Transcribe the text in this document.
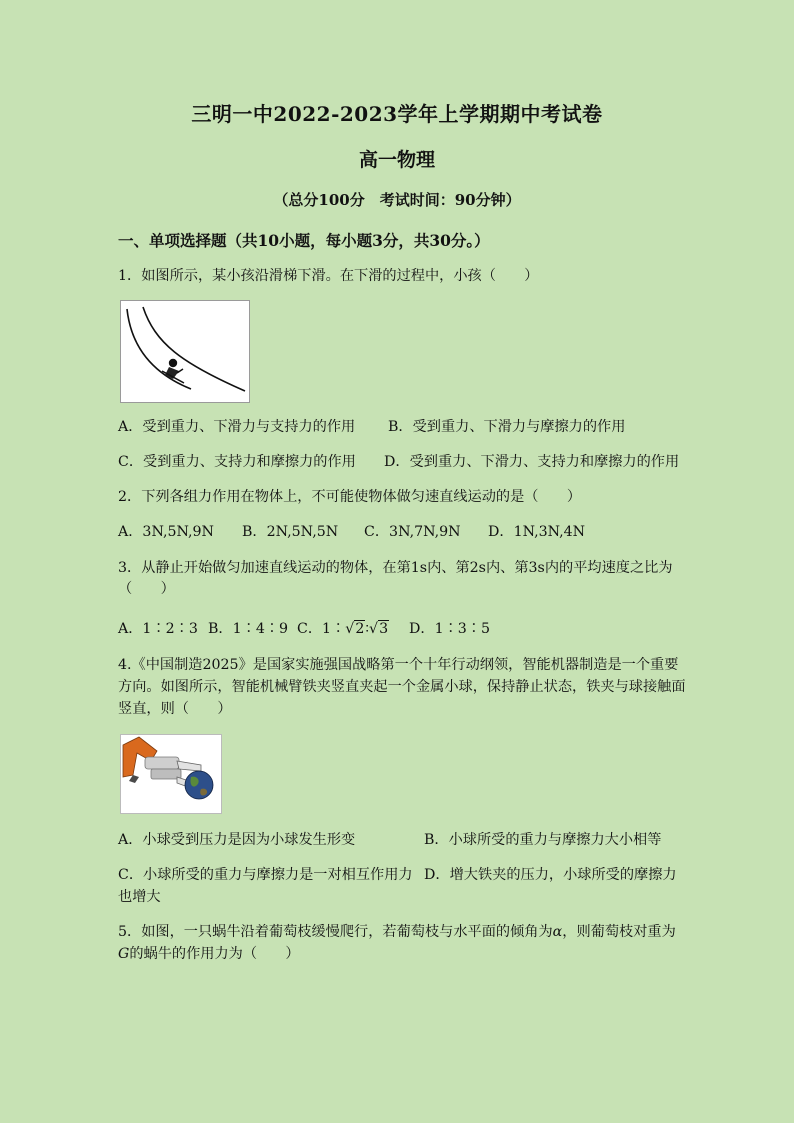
三明一中2022-2023学年上学期期中考试卷
高一物理
（总分100分　考试时间：90分钟）
一、单项选择题（共10小题，每小题3分，共30分。）
1．如图所示，某小孩沿滑梯下滑。在下滑的过程中，小孩（　　）
A．受到重力、下滑力与支持力的作用 B．受到重力、下滑力与摩擦力的作用
C．受到重力、支持力和摩擦力的作用 D．受到重力、下滑力、支持力和摩擦力的作用
2．下列各组力作用在物体上，不可能使物体做匀速直线运动的是（　　）
A．3N,5N,9N B．2N,5N,5N C．3N,7N,9N D．1N,3N,4N
3．从静止开始做匀加速直线运动的物体，在第1s内、第2s内、第3s内的平均速度之比为
（　　）
A．1∶2∶3 B．1∶4∶9 C．1∶√2∶√3 D．1∶3∶5
4.《中国制造2025》是国家实施强国战略第一个十年行动纲领，智能机器制造是一个重要
方向。如图所示，智能机械臂铁夹竖直夹起一个金属小球，保持静止状态，铁夹与球接触面
竖直，则（　　）
A．小球受到压力是因为小球发生形变	B．小球所受的重力与摩擦力大小相等
C．小球所受的重力与摩擦力是一对相互作用力 D．增大铁夹的压力，小球所受的摩擦力
也增大
5．如图，一只蜗牛沿着葡萄枝缓慢爬行，若葡萄枝与水平面的倾角为α，则葡萄枝对重为
G的蜗牛的作用力为（　　）
